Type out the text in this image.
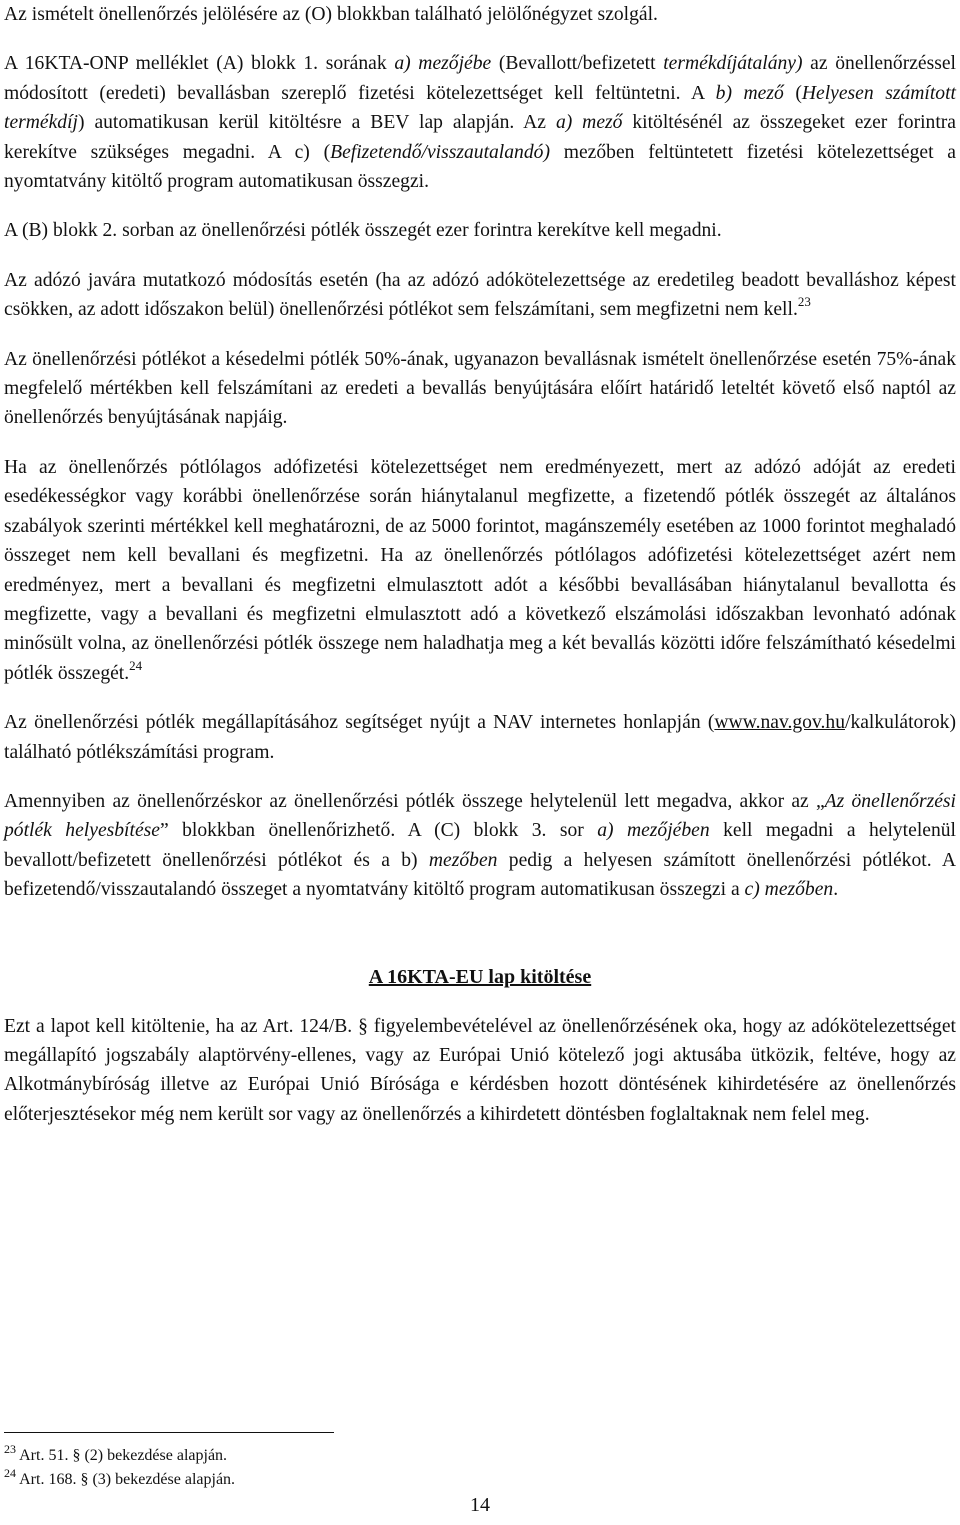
Az ismételt önellenőrzés jelölésére az (O) blokkban található jelölőnégyzet szolgál.

A 16KTA-ONP melléklet (A) blokk 1. sorának a) mezőjébe (Bevallott/befizetett termékdíjátalány) az önellenőrzéssel módosított (eredeti) bevallásban szereplő fizetési kötelezettséget kell feltüntetni. A b) mező (Helyesen számított termékdíj) automatikusan kerül kitöltésre a BEV lap alapján. Az a) mező kitöltésénél az összegeket ezer forintra kerekítve szükséges megadni. A c) (Befizetendő/visszautalandó) mezőben feltüntetett fizetési kötelezettséget a nyomtatvány kitöltő program automatikusan összegzi.

A (B) blokk 2. sorban az önellenőrzési pótlék összegét ezer forintra kerekítve kell megadni.

Az adózó javára mutatkozó módosítás esetén (ha az adózó adókötelezettsége az eredetileg beadott bevalláshoz képest csökken, az adott időszakon belül) önellenőrzési pótlékot sem felszámítani, sem megfizetni nem kell.$^{23}$

Az önellenőrzési pótlékot a késedelmi pótlék 50%-ának, ugyanazon bevallásnak ismételt önellenőrzése esetén 75%-ának megfelelő mértékben kell felszámítani az eredeti a bevallás benyújtására előírt határidő leteltét követő első naptól az önellenőrzés benyújtásának napjáig.

Ha az önellenőrzés pótlólagos adófizetési kötelezettséget nem eredményezett, mert az adózó adóját az eredeti esedékességkor vagy korábbi önellenőrzése során hiánytalanul megfizette, a fizetendő pótlék összegét az általános szabályok szerinti mértékkel kell meghatározni, de az 5000 forintot, magánszemély esetében az 1000 forintot meghaladó összeget nem kell bevallani és megfizetni. Ha az önellenőrzés pótlólagos adófizetési kötelezettséget azért nem eredményez, mert a bevallani és megfizetni elmulasztott adót a későbbi bevallásában hiánytalanul bevallotta és megfizette, vagy a bevallani és megfizetni elmulasztott adó a következő elszámolási időszakban levonható adónak minősült volna, az önellenőrzési pótlék összege nem haladhatja meg a két bevallás közötti időre felszámítható késedelmi pótlék összegét.$^{24}$

Az önellenőrzési pótlék megállapításához segítséget nyújt a NAV internetes honlapján (www.nav.gov.hu/kalkulátorok) található pótlékszámítási program.

Amennyiben az önellenőrzéskor az önellenőrzési pótlék összege helytelenül lett megadva, akkor az „Az önellenőrzési pótlék helyesbítése” blokkban önellenőrizhető. A (C) blokk 3. sor a) mezőjében kell megadni a helytelenül bevallott/befizetett önellenőrzési pótlékot és a b) mezőben pedig a helyesen számított önellenőrzési pótlékot. A befizetendő/visszautalandó összeget a nyomtatvány kitöltő program automatikusan összegzi a c) mezőben.

A 16KTA-EU lap kitöltése

Ezt a lapot kell kitöltenie, ha az Art. 124/B. § figyelembevételével az önellenőrzésének oka, hogy az adókötelezettséget megállapító jogszabály alaptörvény-ellenes, vagy az Európai Unió kötelező jogi aktusába ütközik, feltéve, hogy az Alkotmánybíróság illetve az Európai Unió Bírósága e kérdésben hozott döntésének kihirdetésére az önellenőrzés előterjesztésekor még nem került sor vagy az önellenőrzés a kihirdetett döntésben foglaltaknak nem felel meg.

$^{23}$ Art. 51. § (2) bekezdése alapján.
$^{24}$ Art. 168. § (3) bekezdése alapján.
14
